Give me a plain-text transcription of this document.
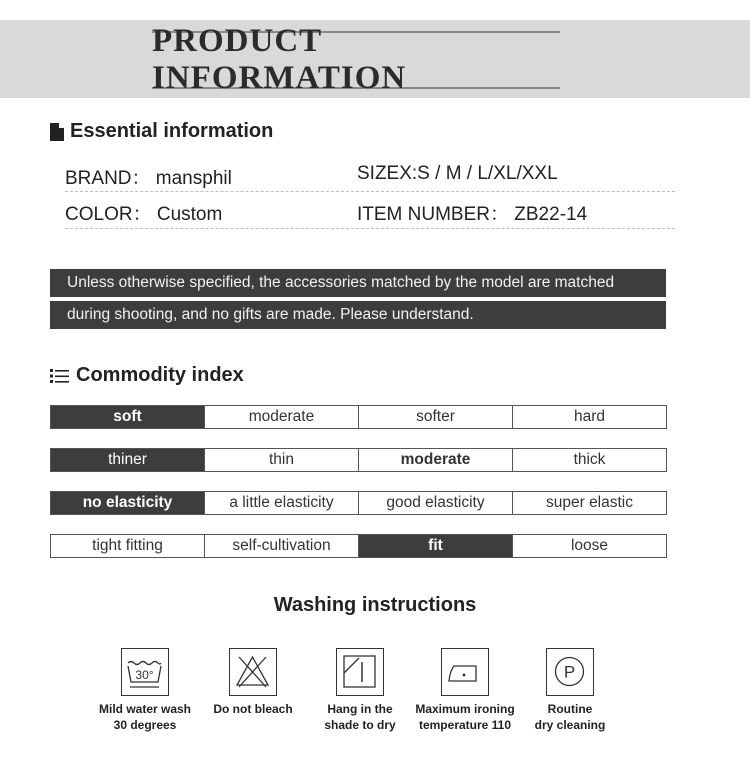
PRODUCT INFORMATION
Essential information
BRAND： mansphil	SIZEX:S / M / L/XL/XXL
COLOR： Custom	ITEM NUMBER： ZB22-14
Unless otherwise specified, the accessories matched by the model are matched
during shooting, and no gifts are made. Please understand.
Commodity index
soft	moderate	softer	hard
thiner	thin	moderate	thick
no elasticity	a little elasticity	good elasticity	super elastic
tight fitting	self-cultivation	fit	loose
Washing instructions
30°
Mild water wash
30 degrees
Do not bleach	Hang in the
shade to dry
Maximum ironing
temperature 110
P
Routine
dry cleaning
